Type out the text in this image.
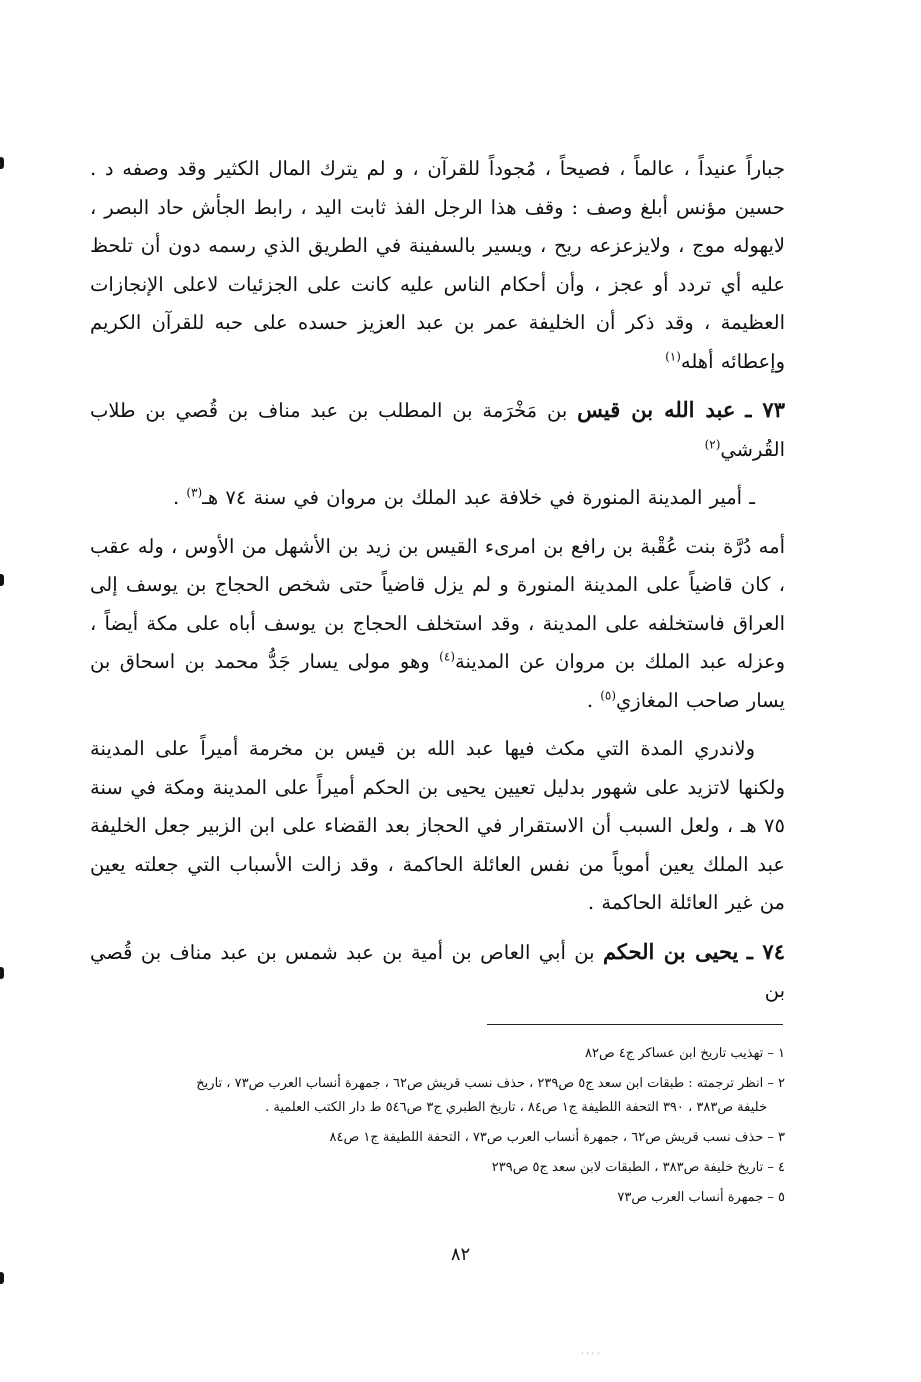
جباراً عنيداً ، عالماً ، فصيحاً ، مُجوداً للقرآن ، و لم يترك المال الكثير وقد وصفه د . حسين مؤنس أبلغ وصف : وقف هذا الرجل الفذ ثابت اليد ، رابط الجأش حاد البصر ، لايهوله موج ، ولايزعزعه ريح ، ويسير بالسفينة في الطريق الذي رسمه دون أن تلحظ عليه أي تردد أو عجز ، وأن أحكام الناس عليه كانت على الجزئيات لاعلى الإنجازات العظيمة ، وقد ذكر أن الخليفة عمر بن عبد العزيز حسده على حبه للقرآن الكريم وإعطائه أهله$^{(١)}$

٧٣ ـ عبد الله بن قيس بن مَخْرَمة بن المطلب بن عبد مناف بن قُصي بن طلاب القُرشي$^{(٢)}$

ـ أمير المدينة المنورة في خلافة عبد الملك بن مروان في سنة ٧٤ هـ$^{(٣)}$ .

أمه دُرَّة بنت عُقْبة بن رافع بن امرىء القيس بن زيد بن الأشهل من الأوس ، وله عقب ، كان قاضياً على المدينة المنورة و لم يزل قاضياً حتى شخص الحجاج بن يوسف إلى العراق فاستخلفه على المدينة ، وقد استخلف الحجاج بن يوسف أباه على مكة أيضاً ، وعزله عبد الملك بن مروان عن المدينة$^{(٤)}$ وهو مولى يسار جَدُّ محمد بن اسحاق بن يسار صاحب المغازي$^{(٥)}$ .

ولاندري المدة التي مكث فيها عبد الله بن قيس بن مخرمة أميراً على المدينة ولكنها لاتزيد على شهور بدليل تعيين يحيى بن الحكم أميراً على المدينة ومكة في سنة ٧٥ هـ ، ولعل السبب أن الاستقرار في الحجاز بعد القضاء على ابن الزبير جعل الخليفة عبد الملك يعين أموياً من نفس العائلة الحاكمة ، وقد زالت الأسباب التي جعلته يعين من غير العائلة الحاكمة .

٧٤ ـ يحيى بن الحكم بن أبي العاص بن أمية بن عبد شمس بن عبد مناف بن قُصي بن

١ – تهذيب تاريخ ابن عساكر ج٤ ص٨٢

٢ – انظر ترجمته : طبقات ابن سعد ج٥ ص٢٣٩ ، حذف نسب قريش ص٦٢ ، جمهرة أنساب العرب ص٧٣ ، تاريخ

خليفة ص٣٨٣ ، ٣٩٠ التحفة اللطيفة ج١ ص٨٤ ، تاريخ الطبري ج٣ ص٥٤٦ ط دار الكتب العلمية .

٣ – حذف نسب قريش ص٦٢ ، جمهرة أنساب العرب ص٧٣ ، التحفة اللطيفة ج١ ص٨٤

٤ – تاريخ خليفة ص٣٨٣ ، الطبقات لابن سعد ج٥ ص٢٣٩

٥ – جمهرة أنساب العرب ص٧٣

٨٢
' ' ' '
